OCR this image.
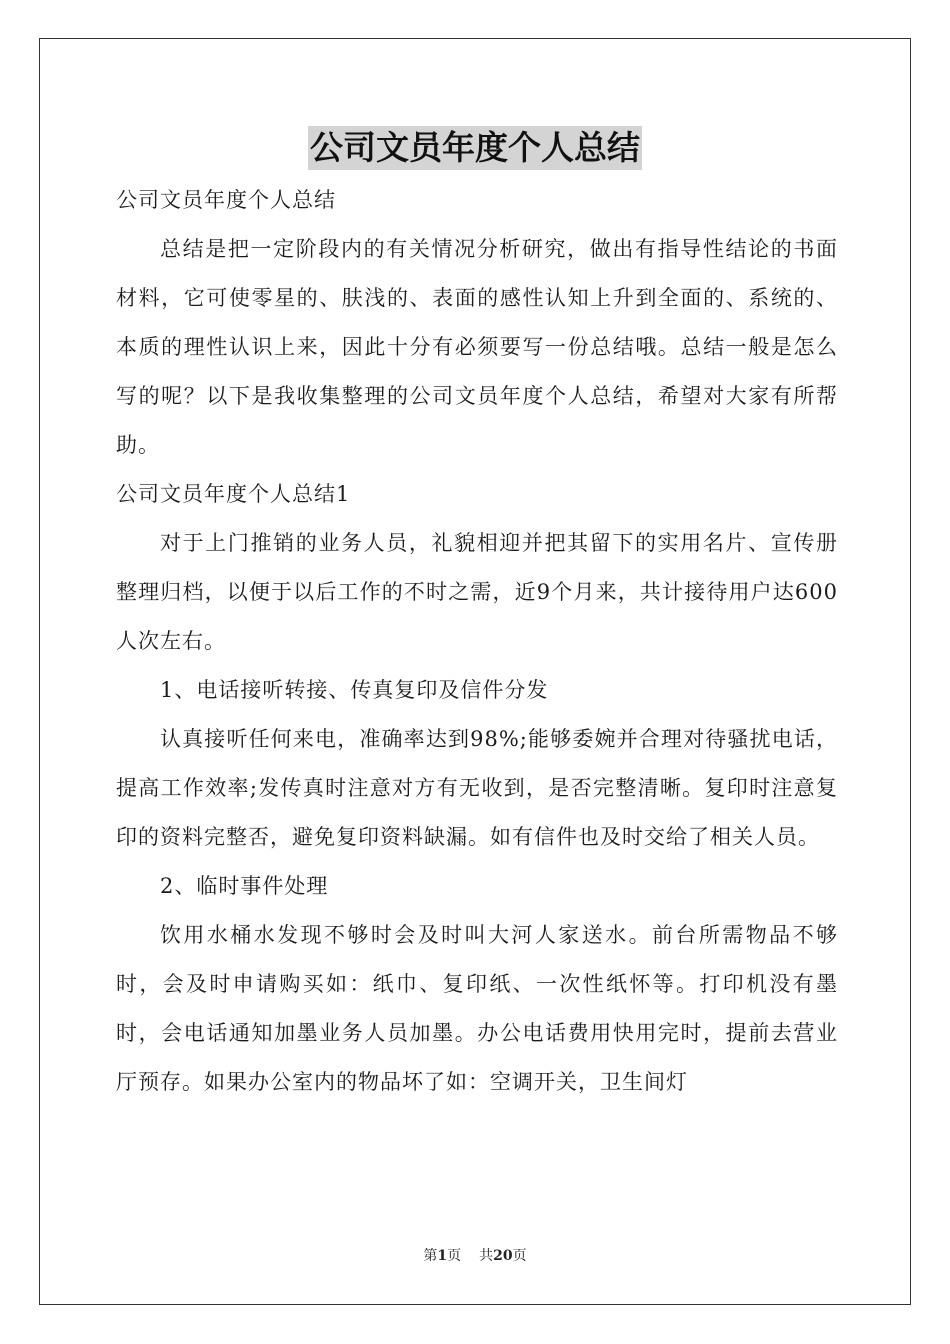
公司文员年度个人总结

公司文员年度个人总结

总结是把一定阶段内的有关情况分析研究，做出有指导性结论的书面材料，它可使零星的、肤浅的、表面的感性认知上升到全面的、系统的、本质的理性认识上来，因此十分有必须要写一份总结哦。总结一般是怎么写的呢？以下是我收集整理的公司文员年度个人总结，希望对大家有所帮助。

公司文员年度个人总结1

对于上门推销的业务人员，礼貌相迎并把其留下的实用名片、宣传册整理归档，以便于以后工作的不时之需，近9个月来，共计接待用户达600人次左右。

1、电话接听转接、传真复印及信件分发

认真接听任何来电，准确率达到98%;能够委婉并合理对待骚扰电话，提高工作效率;发传真时注意对方有无收到，是否完整清晰。复印时注意复印的资料完整否，避免复印资料缺漏。如有信件也及时交给了相关人员。

2、临时事件处理

饮用水桶水发现不够时会及时叫大河人家送水。前台所需物品不够时，会及时申请购买如：纸巾、复印纸、一次性纸怀等。打印机没有墨时，会电话通知加墨业务人员加墨。办公电话费用快用完时，提前去营业厅预存。如果办公室内的物品坏了如：空调开关，卫生间灯

第1页 共20页
